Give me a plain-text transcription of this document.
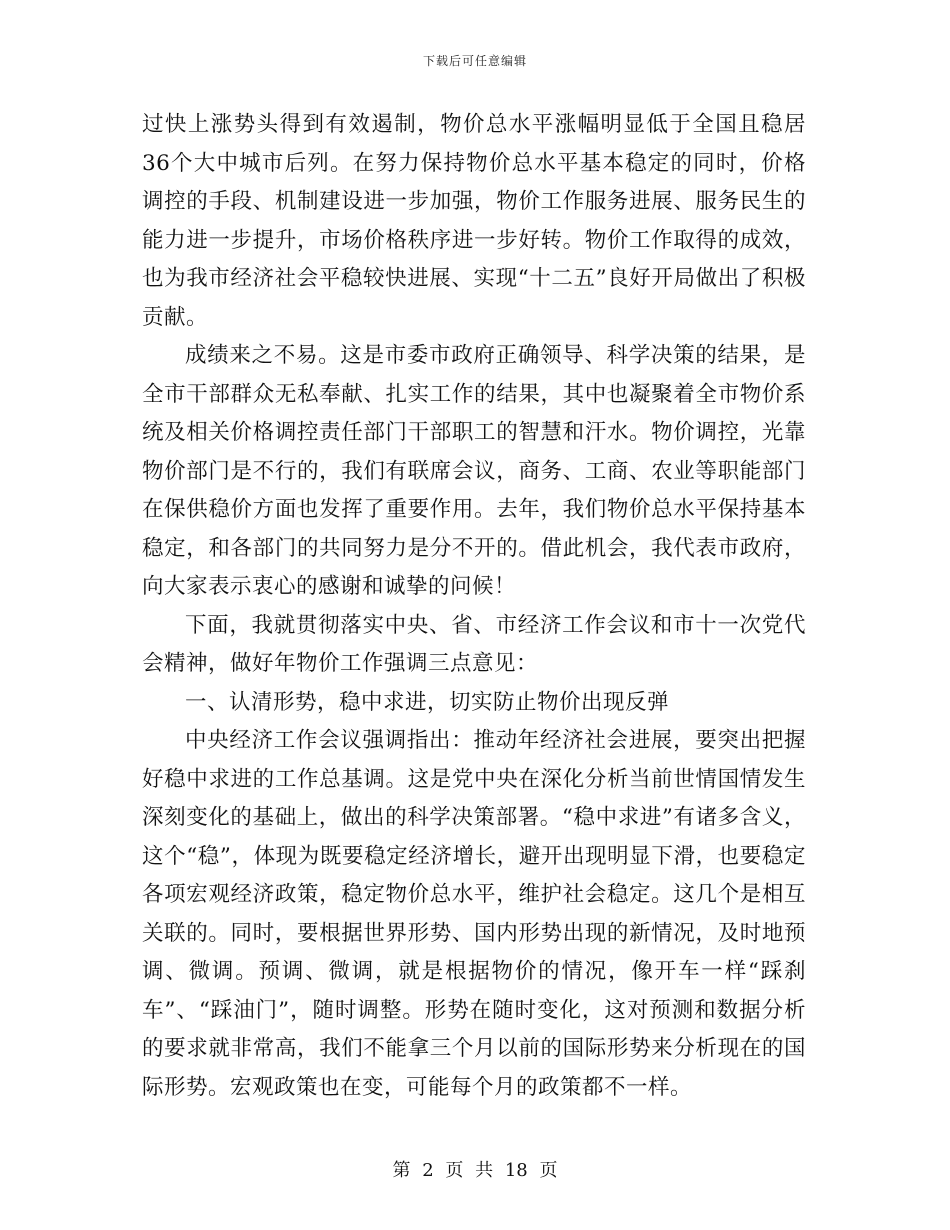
下载后可任意编辑

过快上涨势头得到有效遏制，物价总水平涨幅明显低于全国且稳居36个大中城市后列。在努力保持物价总水平基本稳定的同时，价格调控的手段、机制建设进一步加强，物价工作服务进展、服务民生的能力进一步提升，市场价格秩序进一步好转。物价工作取得的成效，也为我市经济社会平稳较快进展、实现“十二五”良好开局做出了积极贡献。

成绩来之不易。这是市委市政府正确领导、科学决策的结果，是全市干部群众无私奉献、扎实工作的结果，其中也凝聚着全市物价系统及相关价格调控责任部门干部职工的智慧和汗水。物价调控，光靠物价部门是不行的，我们有联席会议，商务、工商、农业等职能部门在保供稳价方面也发挥了重要作用。去年，我们物价总水平保持基本稳定，和各部门的共同努力是分不开的。借此机会，我代表市政府，向大家表示衷心的感谢和诚挚的问候！

下面，我就贯彻落实中央、省、市经济工作会议和市十一次党代会精神，做好年物价工作强调三点意见：

一、认清形势，稳中求进，切实防止物价出现反弹

中央经济工作会议强调指出：推动年经济社会进展，要突出把握好稳中求进的工作总基调。这是党中央在深化分析当前世情国情发生深刻变化的基础上，做出的科学决策部署。“稳中求进”有诸多含义，这个“稳”，体现为既要稳定经济增长，避开出现明显下滑，也要稳定各项宏观经济政策，稳定物价总水平，维护社会稳定。这几个是相互关联的。同时，要根据世界形势、国内形势出现的新情况，及时地预调、微调。预调、微调，就是根据物价的情况，像开车一样“踩刹车”、“踩油门”，随时调整。形势在随时变化，这对预测和数据分析的要求就非常高，我们不能拿三个月以前的国际形势来分析现在的国际形势。宏观政策也在变，可能每个月的政策都不一样。

第 2 页 共 18 页
